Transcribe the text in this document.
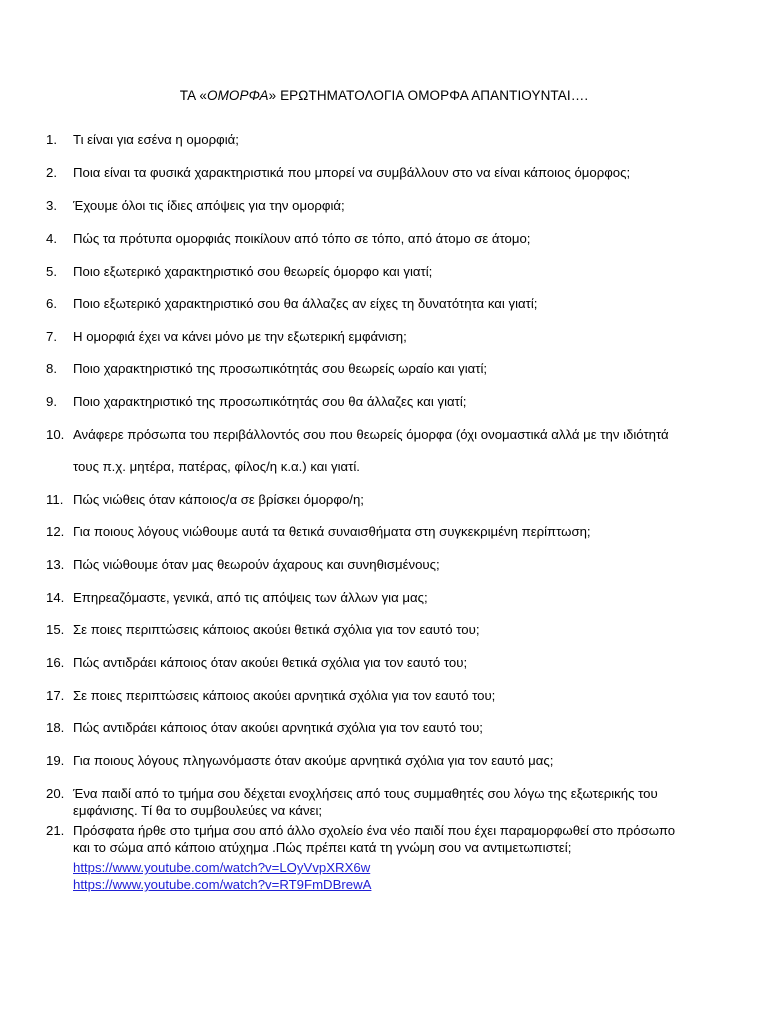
ΤΑ «ΟΜΟΡΦΑ» ΕΡΩΤΗΜΑΤΟΛΟΓΙΑ ΟΜΟΡΦΑ ΑΠΑΝΤΙΟΥΝΤΑΙ….
1. Τι είναι για εσένα η ομορφιά;
2. Ποια είναι τα φυσικά χαρακτηριστικά που μπορεί να συμβάλλουν στο να είναι κάποιος όμορφος;
3. Έχουμε όλοι τις ίδιες απόψεις για την ομορφιά;
4. Πώς τα πρότυπα ομορφιάς ποικίλουν από τόπο σε τόπο, από άτομο σε άτομο;
5. Ποιο εξωτερικό χαρακτηριστικό σου θεωρείς όμορφο και γιατί;
6. Ποιο εξωτερικό χαρακτηριστικό σου θα άλλαζες αν είχες τη δυνατότητα και γιατί;
7. Η ομορφιά έχει να κάνει μόνο με την εξωτερική εμφάνιση;
8. Ποιο χαρακτηριστικό της προσωπικότητάς σου θεωρείς ωραίο και γιατί;
9. Ποιο χαρακτηριστικό της προσωπικότητάς σου θα άλλαζες και γιατί;
10. Ανάφερε πρόσωπα του περιβάλλοντός σου που θεωρείς όμορφα (όχι ονομαστικά αλλά με την ιδιότητά
τους π.χ. μητέρα, πατέρας, φίλος/η κ.α.) και γιατί.
11. Πώς νιώθεις όταν κάποιος/α σε βρίσκει όμορφο/η;
12. Για ποιους λόγους νιώθουμε αυτά τα θετικά συναισθήματα στη συγκεκριμένη περίπτωση;
13. Πώς νιώθουμε όταν μας θεωρούν άχαρους και συνηθισμένους;
14. Επηρεαζόμαστε, γενικά, από τις απόψεις των άλλων για μας;
15. Σε ποιες περιπτώσεις κάποιος ακούει θετικά σχόλια για τον εαυτό του;
16. Πώς αντιδράει κάποιος όταν ακούει θετικά σχόλια για τον εαυτό του;
17. Σε ποιες περιπτώσεις κάποιος ακούει αρνητικά σχόλια για τον εαυτό του;
18. Πώς αντιδράει κάποιος όταν ακούει αρνητικά σχόλια για τον εαυτό του;
19. Για ποιους λόγους πληγωνόμαστε όταν ακούμε αρνητικά σχόλια για τον εαυτό μας;
20. Ένα παιδί από το τμήμα σου δέχεται ενοχλήσεις από τους συμμαθητές σου λόγω της εξωτερικής του
εμφάνισης. Τί θα το συμβουλεύες να κάνει;
21. Πρόσφατα ήρθε στο τμήμα σου από άλλο σχολείο ένα νέο παιδί που έχει παραμορφωθεί στο πρόσωπο
και το σώμα από κάποιο ατύχημα .Πώς πρέπει κατά τη γνώμη σου να αντιμετωπιστεί;
https://www.youtube.com/watch?v=LOyVvpXRX6w
https://www.youtube.com/watch?v=RT9FmDBrewA
